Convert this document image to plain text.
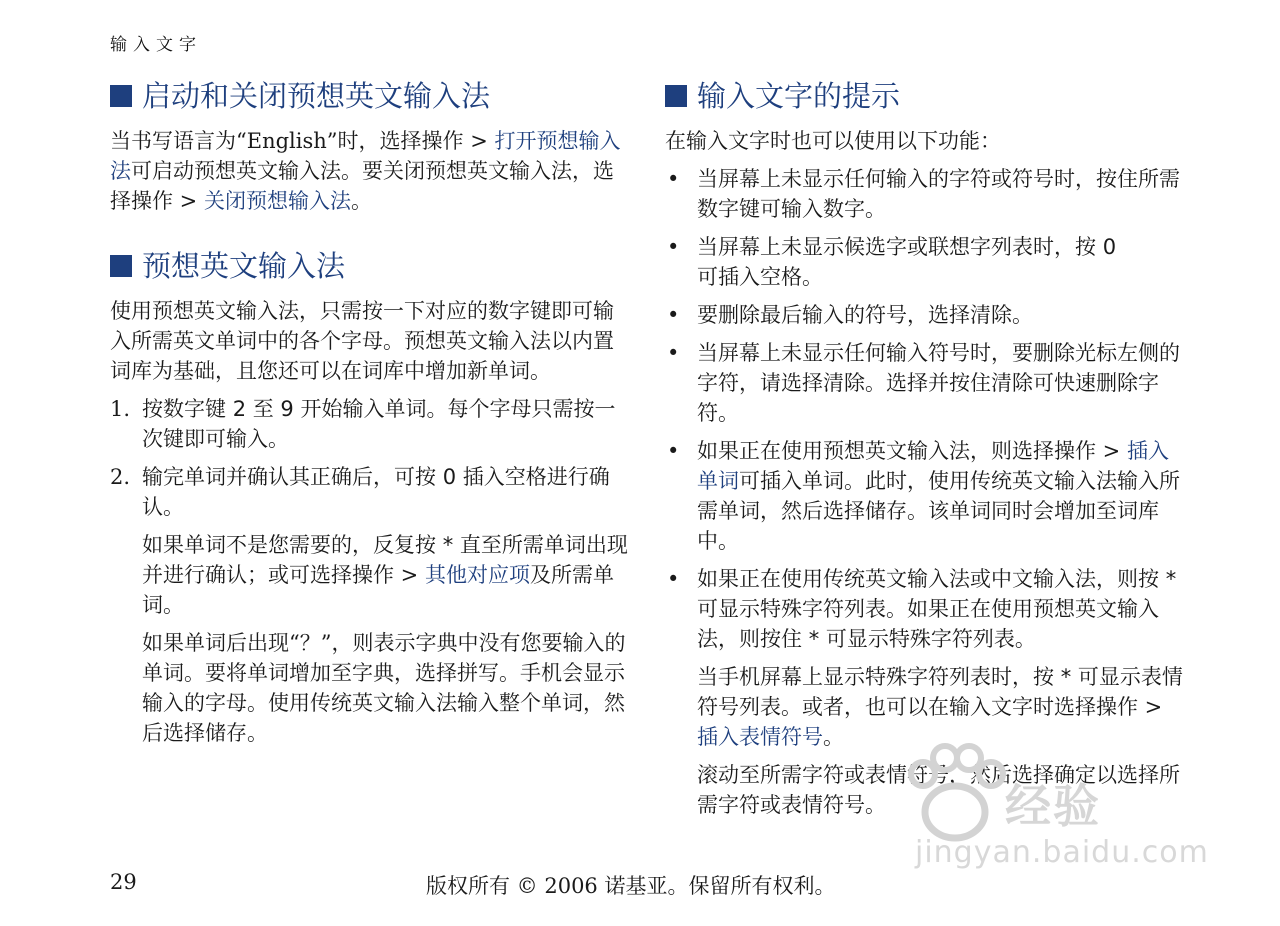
输入文字
启动和关闭预想英文输入法

当书写语言为“English”时，选择操作 > 打开预想输入法可启动预想英文输入法。要关闭预想英文输入法，选择操作 > 关闭预想输入法。

预想英文输入法

使用预想英文输入法，只需按一下对应的数字键即可输入所需英文单词中的各个字母。预想英文输入法以内置词库为基础，且您还可以在词库中增加新单词。

1. 按数字键 2 至 9 开始输入单词。每个字母只需按一次键即可输入。

2. 输完单词并确认其正确后，可按 0 插入空格进行确认。

如果单词不是您需要的，反复按 * 直至所需单词出现并进行确认；或可选择操作 > 其他对应项及所需单词。

如果单词后出现“？”，则表示字典中没有您要输入的单词。要将单词增加至字典，选择拼写。手机会显示输入的字母。使用传统英文输入法输入整个单词，然后选择储存。

输入文字的提示

在输入文字时也可以使用以下功能：

• 当屏幕上未显示任何输入的字符或符号时，按住所需数字键可输入数字。

• 当屏幕上未显示候选字或联想字列表时，按 0
可插入空格。

• 要删除最后输入的符号，选择清除。

• 当屏幕上未显示任何输入符号时，要删除光标左侧的字符，请选择清除。选择并按住清除可快速删除字符。

• 如果正在使用预想英文输入法，则选择操作 > 插入单词可插入单词。此时，使用传统英文输入法输入所需单词，然后选择储存。该单词同时会增加至词库中。

• 如果正在使用传统英文输入法或中文输入法，则按 * 可显示特殊字符列表。如果正在使用预想英文输入法，则按住 * 可显示特殊字符列表。

当手机屏幕上显示特殊字符列表时，按 * 可显示表情符号列表。或者，也可以在输入文字时选择操作 > 插入表情符号。

滚动至所需字符或表情符号，然后选择确定以选择所需字符或表情符号。

29	版权所有 © 2006 诺基亚。保留所有权利。
经验
jingyan.baidu.com
